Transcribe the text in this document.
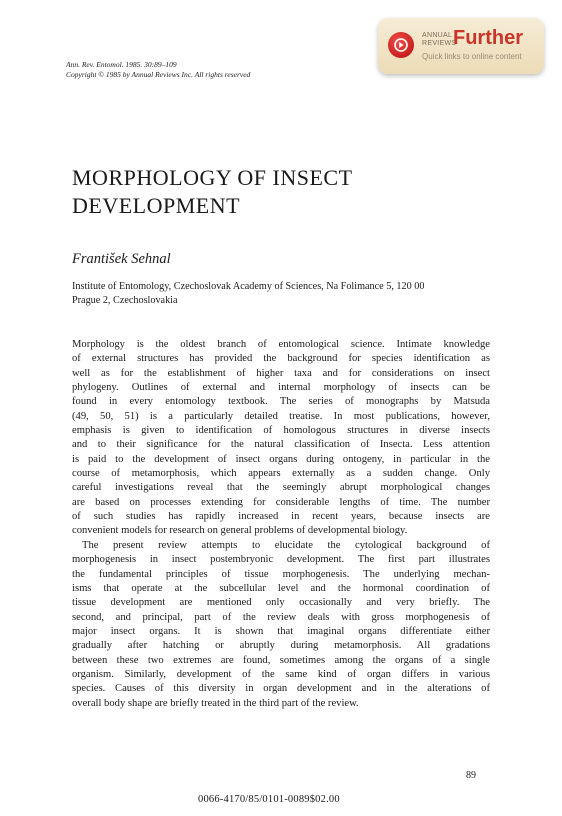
ANNUAL
REVIEWS
Further
Quick links to online content
Ann. Rev. Entomol. 1985. 30:89–109
Copyright © 1985 by Annual Reviews Inc. All rights reserved
MORPHOLOGY OF INSECT
DEVELOPMENT
František Sehnal
Institute of Entomology, Czechoslovak Academy of Sciences, Na Folimance 5, 120 00
Prague 2, Czechoslovakia
Morphology is the oldest branch of entomological science. Intimate knowledge
of external structures has provided the background for species identification as
well as for the establishment of higher taxa and for considerations on insect
phylogeny. Outlines of external and internal morphology of insects can be
found in every entomology textbook. The series of monographs by Matsuda
(49, 50, 51) is a particularly detailed treatise. In most publications, however,
emphasis is given to identification of homologous structures in diverse insects
and to their significance for the natural classification of Insecta. Less attention
is paid to the development of insect organs during ontogeny, in particular in the
course of metamorphosis, which appears externally as a sudden change. Only
careful investigations reveal that the seemingly abrupt morphological changes
are based on processes extending for considerable lengths of time. The number
of such studies has rapidly increased in recent years, because insects are
convenient models for research on general problems of developmental biology.
The present review attempts to elucidate the cytological background of
morphogenesis in insect postembryonic development. The first part illustrates
the fundamental principles of tissue morphogenesis. The underlying mechan-
isms that operate at the subcellular level and the hormonal coordination of
tissue development are mentioned only occasionally and very briefly. The
second, and principal, part of the review deals with gross morphogenesis of
major insect organs. It is shown that imaginal organs differentiate either
gradually after hatching or abruptly during metamorphosis. All gradations
between these two extremes are found, sometimes among the organs of a single
organism. Similarly, development of the same kind of organ differs in various
species. Causes of this diversity in organ development and in the alterations of
overall body shape are briefly treated in the third part of the review.
89
0066-4170/85/0101-0089$02.00
